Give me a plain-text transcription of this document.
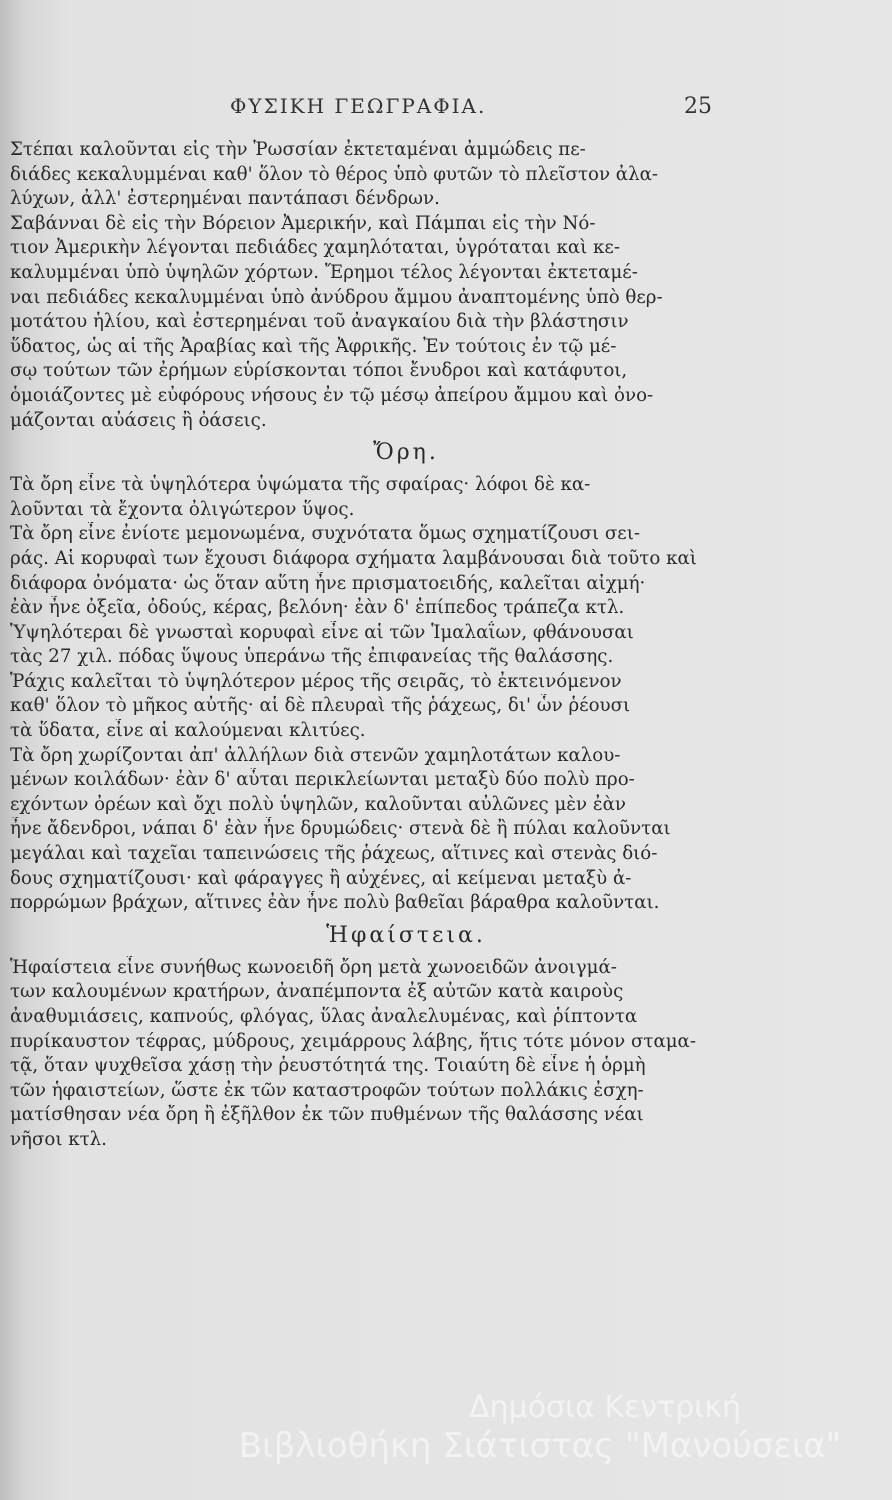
ΦΥΣΙΚΗ ΓΕΩΓΡΑΦΙΑ.	25
Στέπαι καλοῦνται εἰς τὴν Ῥωσσίαν ἐκτεταμέναι ἀμμώδεις πε-
διάδες κεκαλυμμέναι καθ' ὅλον τὸ θέρος ὑπὸ φυτῶν τὸ πλεῖστον ἀλα-
λύχων, ἀλλ' ἐστερημέναι παντάπασι δένδρων.
Σαβάνναι δὲ εἰς τὴν Βόρειον Ἀμερικήν, καὶ Πάμπαι εἰς τὴν Νό-
τιον Ἀμερικὴν λέγονται πεδιάδες χαμηλόταται, ὑγρόταται καὶ κε-
καλυμμέναι ὑπὸ ὑψηλῶν χόρτων. Ἔρημοι τέλος λέγονται ἐκτεταμέ-
ναι πεδιάδες κεκαλυμμέναι ὑπὸ ἀνύδρου ἄμμου ἀναπτομένης ὑπὸ θερ-
μοτάτου ἡλίου, καὶ ἐστερημέναι τοῦ ἀναγκαίου διὰ τὴν βλάστησιν
ὕδατος, ὡς αἱ τῆς Ἀραβίας καὶ τῆς Ἀφρικῆς. Ἐν τούτοις ἐν τῷ μέ-
σῳ τούτων τῶν ἐρήμων εὑρίσκονται τόποι ἔνυδροι καὶ κατάφυτοι,
ὁμοιάζοντες μὲ εὐφόρους νήσους ἐν τῷ μέσῳ ἀπείρου ἄμμου καὶ ὀνο-
μάζονται αὐάσεις ἢ ὀάσεις.
Ὄρη.
Τὰ ὄρη εἶνε τὰ ὑψηλότερα ὑψώματα τῆς σφαίρας· λόφοι δὲ κα-
λοῦνται τὰ ἔχοντα ὀλιγώτερον ὕψος.
Τὰ ὄρη εἶνε ἐνίοτε μεμονωμένα, συχνότατα ὅμως σχηματίζουσι σει-
ράς. Αἱ κορυφαὶ των ἔχουσι διάφορα σχήματα λαμβάνουσαι διὰ τοῦτο καὶ
διάφορα ὀνόματα· ὡς ὅταν αὕτη ἦνε πρισματοειδής, καλεῖται αἰχμή·
ἐὰν ἦνε ὀξεῖα, ὀδούς, κέρας, βελόνη· ἐὰν δ' ἐπίπεδος τράπεζα κτλ.
Ὑψηλότεραι δὲ γνωσταὶ κορυφαὶ εἶνε αἱ τῶν Ἱμαλαΐων, φθάνουσαι
τὰς 27 χιλ. πόδας ὕψους ὑπεράνω τῆς ἐπιφανείας τῆς θαλάσσης.
Ῥάχις καλεῖται τὸ ὑψηλότερον μέρος τῆς σειρᾶς, τὸ ἐκτεινόμενον
καθ' ὅλον τὸ μῆκος αὐτῆς· αἱ δὲ πλευραὶ τῆς ῥάχεως, δι' ὧν ῥέουσι
τὰ ὕδατα, εἶνε αἱ καλούμεναι κλιτύες.
Τὰ ὄρη χωρίζονται ἀπ' ἀλλήλων διὰ στενῶν χαμηλοτάτων καλου-
μένων κοιλάδων· ἐὰν δ' αὗται περικλείωνται μεταξὺ δύο πολὺ προ-
εχόντων ὀρέων καὶ ὄχι πολὺ ὑψηλῶν, καλοῦνται αὐλῶνες μὲν ἐὰν
ἦνε ἄδενδροι, νάπαι δ' ἐὰν ἦνε δρυμώδεις· στενὰ δὲ ἢ πύλαι καλοῦνται
μεγάλαι καὶ ταχεῖαι ταπεινώσεις τῆς ῥάχεως, αἵτινες καὶ στενὰς διό-
δους σχηματίζουσι· καὶ φάραγγες ἢ αὐχένες, αἱ κείμεναι μεταξὺ ἀ-
πορρώμων βράχων, αἵτινες ἐὰν ἦνε πολὺ βαθεῖαι βάραθρα καλοῦνται.
Ἡφαίστεια.
Ἡφαίστεια εἶνε συνήθως κωνοειδῆ ὄρη μετὰ χωνοειδῶν ἀνοιγμά-
των καλουμένων κρατήρων, ἀναπέμποντα ἐξ αὐτῶν κατὰ καιροὺς
ἀναθυμιάσεις, καπνούς, φλόγας, ὕλας ἀναλελυμένας, καὶ ῥίπτοντα
πυρίκαυστον τέφρας, μύδρους, χειμάρρους λάβης, ἥτις τότε μόνον σταμα-
τᾷ, ὅταν ψυχθεῖσα χάσῃ τὴν ῥευστότητά της. Τοιαύτη δὲ εἶνε ἡ ὁρμὴ
τῶν ἡφαιστείων, ὥστε ἐκ τῶν καταστροφῶν τούτων πολλάκις ἐσχη-
ματίσθησαν νέα ὄρη ἢ ἐξῆλθον ἐκ τῶν πυθμένων τῆς θαλάσσης νέαι
νῆσοι κτλ.
Δημόσια Κεντρική
Βιβλιοθήκη Σιάτιστας "Μανούσεια"
